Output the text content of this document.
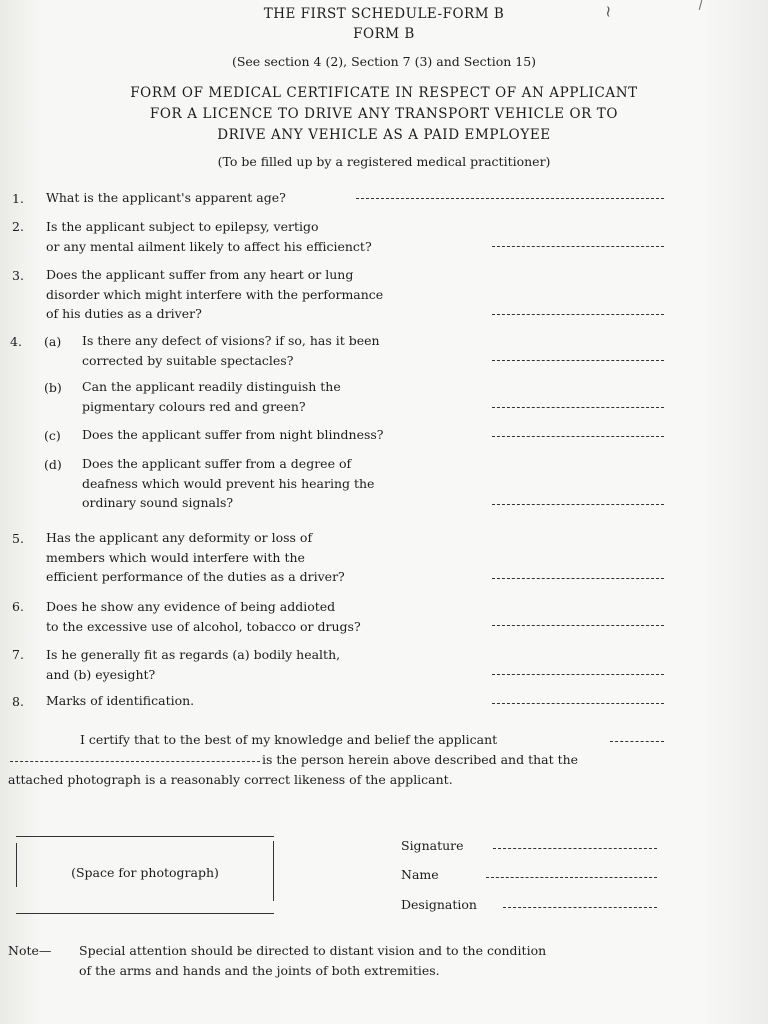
~
THE FIRST SCHEDULE-FORM B
FORM B
(See section 4 (2), Section 7 (3) and Section 15)
FORM OF MEDICAL CERTIFICATE IN RESPECT OF AN APPLICANT
FOR A LICENCE TO DRIVE ANY TRANSPORT VEHICLE OR TO
DRIVE ANY VEHICLE AS A PAID EMPLOYEE
(To be filled up by a registered medical practitioner)
1. What is the applicant's apparent age?
2. Is the applicant subject to epilepsy, vertigo
or any mental ailment likely to affect his efficienct?
3. Does the applicant suffer from any heart or lung
disorder which might interfere with the performance
of his duties as a driver?
4. (a) Is there any defect of visions? if so, has it been
corrected by suitable spectacles?
(b) Can the applicant readily distinguish the
pigmentary colours red and green?
(c) Does the applicant suffer from night blindness?
(d) Does the applicant suffer from a degree of
deafness which would prevent his hearing the
ordinary sound signals?
5. Has the applicant any deformity or loss of
members which would interfere with the
efficient performance of the duties as a driver?
6. Does he show any evidence of being addioted
to the excessive use of alcohol, tobacco or drugs?
7. Is he generally fit as regards (a) bodily health,
and (b) eyesight?
8. Marks of identification.
I certify that to the best of my knowledge and belief the applicant
is the person herein above described and that the
attached photograph is a reasonably correct likeness of the applicant.
(Space for photograph)
Signature
Name
Designation
Note— Special attention should be directed to distant vision and to the condition
of the arms and hands and the joints of both extremities.
